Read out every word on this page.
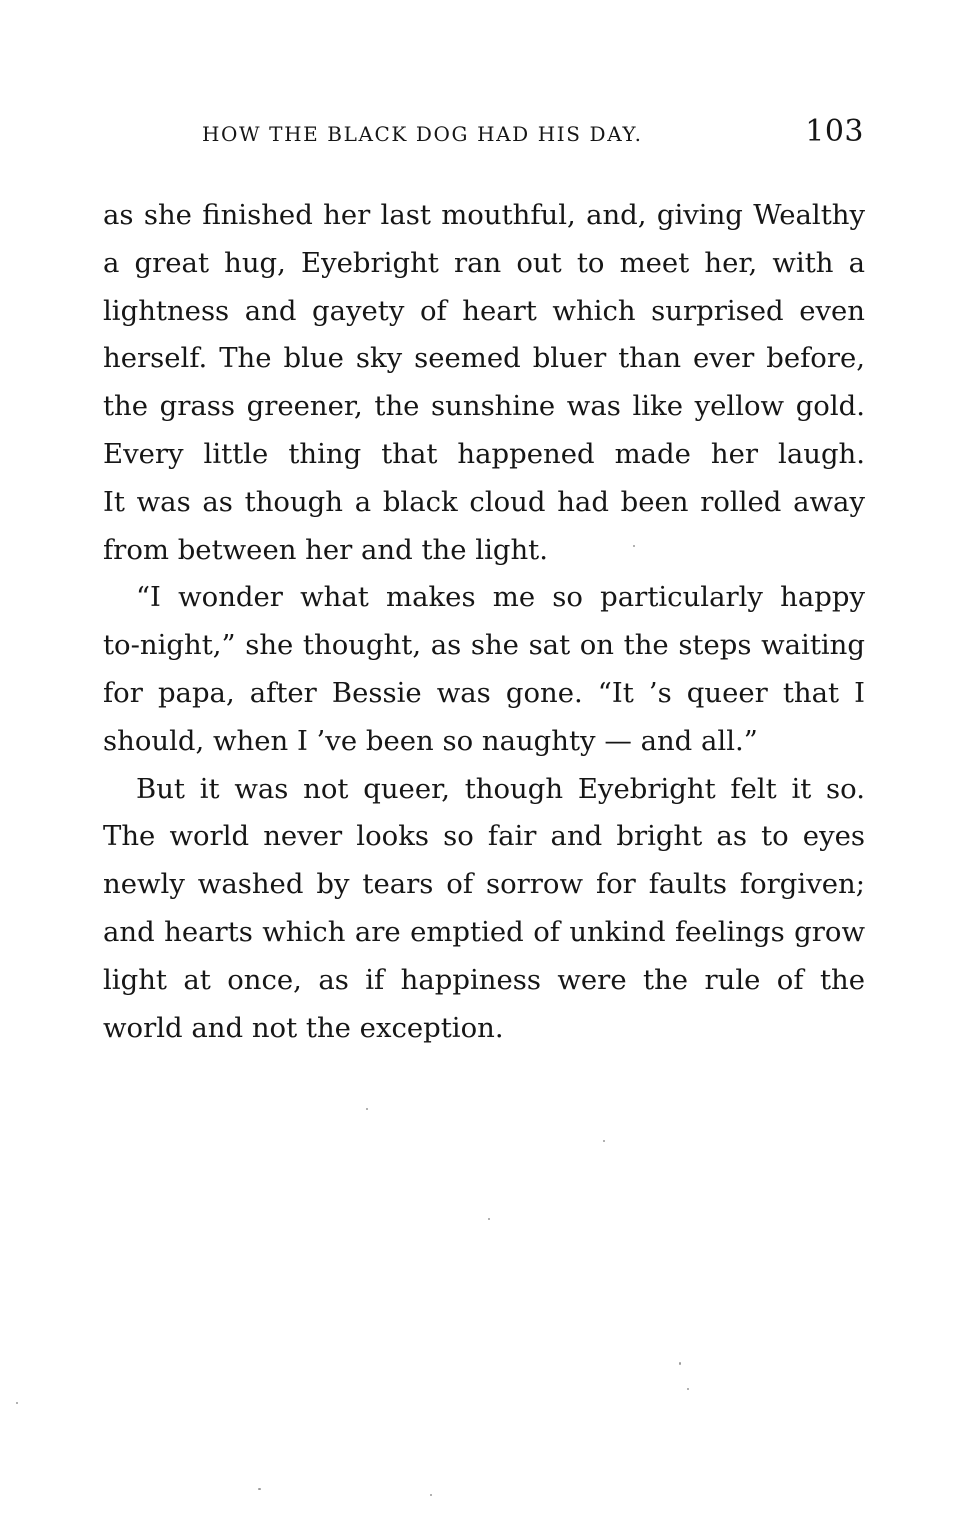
HOW THE BLACK DOG HAD HIS DAY.	103
as she finished her last mouthful, and, giving Wealthy
a great hug, Eyebright ran out to meet her, with a
lightness and gayety of heart which surprised even
herself. The blue sky seemed bluer than ever before,
the grass greener, the sunshine was like yellow gold.
Every little thing that happened made her laugh.
It was as though a black cloud had been rolled away
from between her and the light.
“I wonder what makes me so particularly happy
to-night,” she thought, as she sat on the steps waiting
for papa, after Bessie was gone. “It ’s queer that I
should, when I ’ve been so naughty — and all.”
But it was not queer, though Eyebright felt it so.
The world never looks so fair and bright as to eyes
newly washed by tears of sorrow for faults forgiven;
and hearts which are emptied of unkind feelings grow
light at once, as if happiness were the rule of the
world and not the exception.
